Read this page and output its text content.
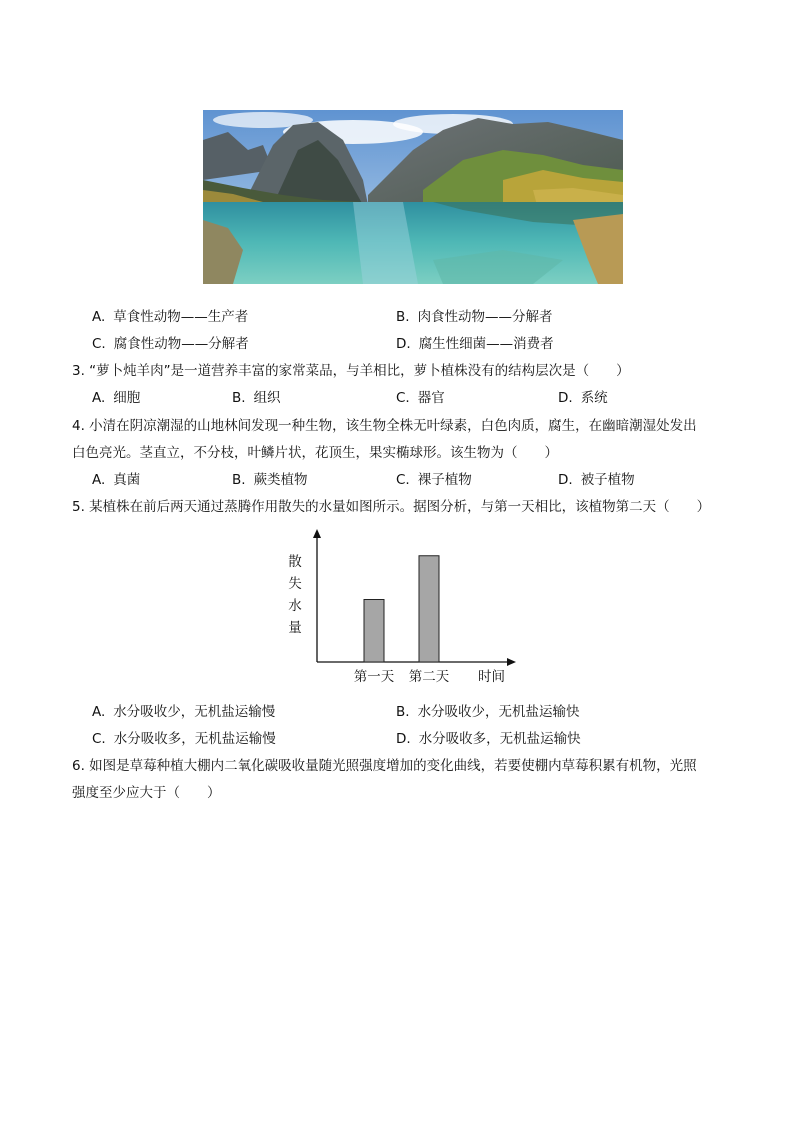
A. 草食性动物——生产者	B. 肉食性动物——分解者
C. 腐食性动物——分解者	D. 腐生性细菌——消费者
3. “萝卜炖羊肉”是一道营养丰富的家常菜品，与羊相比，萝卜植株没有的结构层次是（　　）
A. 细胞	B. 组织	C. 器官	D. 系统
4. 小清在阴凉潮湿的山地林间发现一种生物，该生物全株无叶绿素，白色肉质，腐生，在幽暗潮湿处发出
白色亮光。茎直立，不分枝，叶鳞片状，花顶生，果实椭球形。该生物为（　　）
A. 真菌	B. 蕨类植物	C. 裸子植物	D. 被子植物
5. 某植株在前后两天通过蒸腾作用散失的水量如图所示。据图分析，与第一天相比，该植物第二天（　　）
散
失
水
量
第一天 第二天 时间
A. 水分吸收少，无机盐运输慢	B. 水分吸收少，无机盐运输快
C. 水分吸收多，无机盐运输慢	D. 水分吸收多，无机盐运输快
6. 如图是草莓种植大棚内二氧化碳吸收量随光照强度增加的变化曲线，若要使棚内草莓积累有机物，光照
强度至少应大于（　　）
